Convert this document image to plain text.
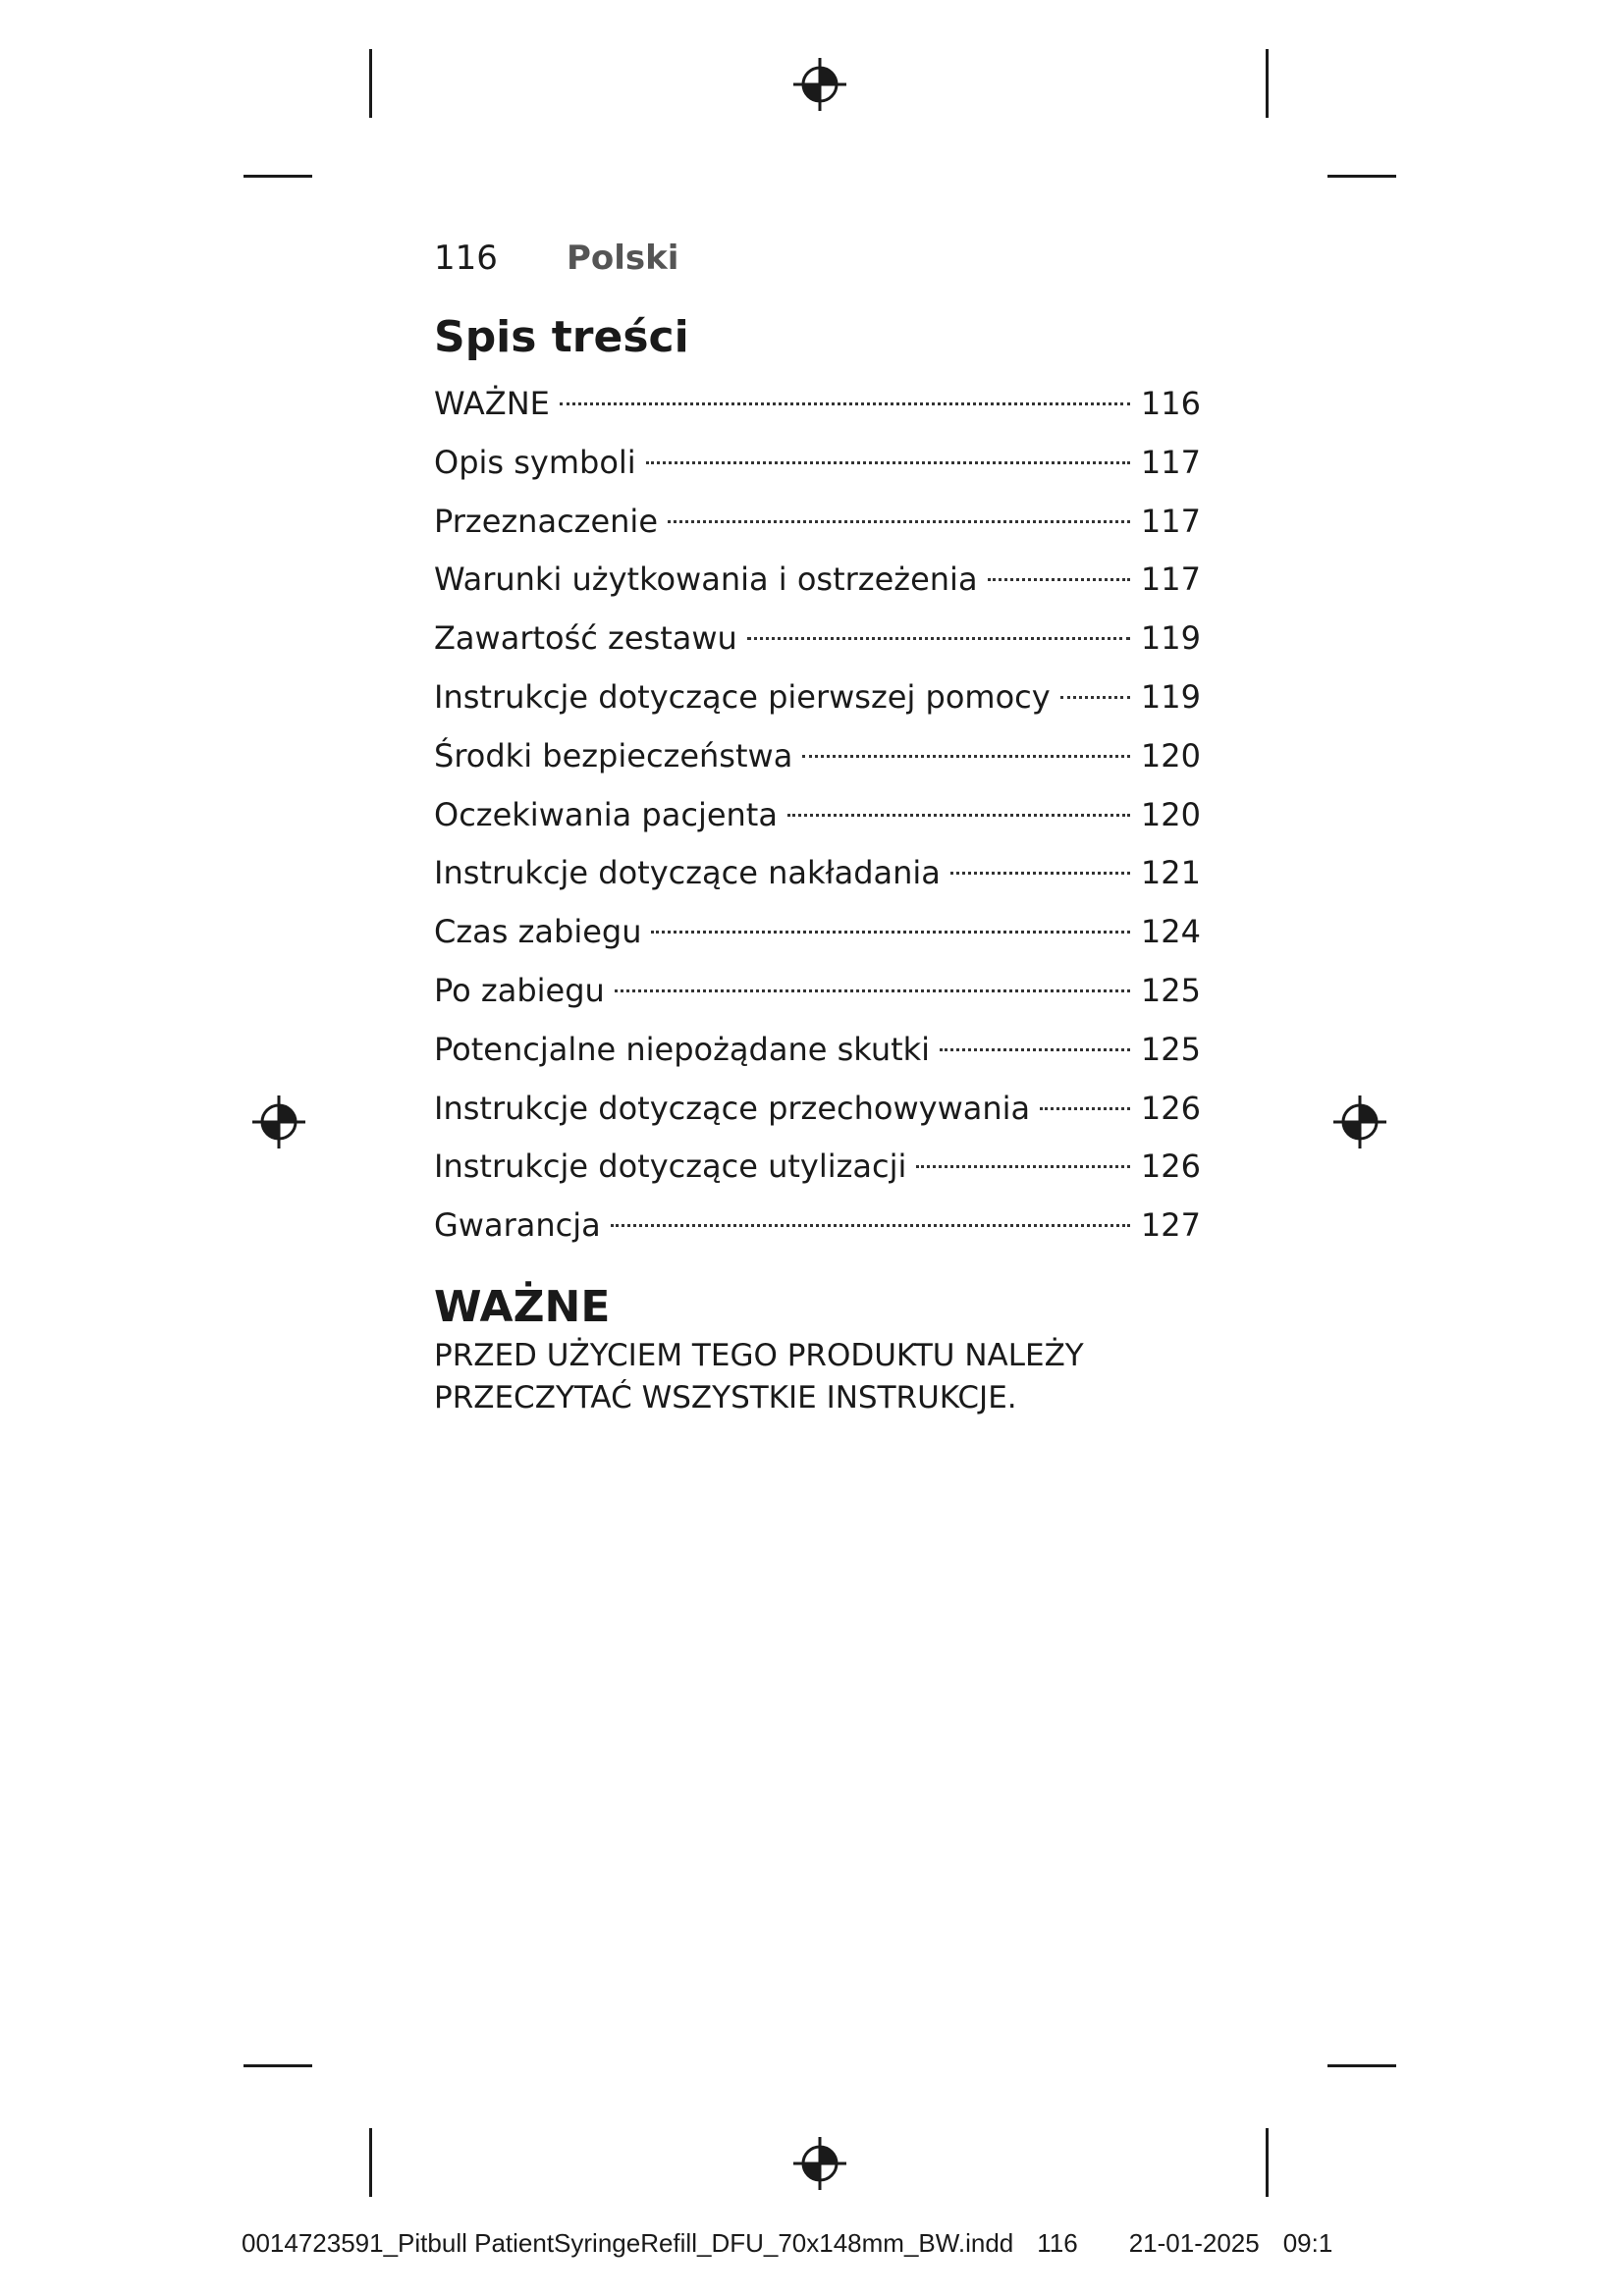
116 Polski
Spis treści
WAŻNE	116
Opis symboli	117
Przeznaczenie	117
Warunki użytkowania i ostrzeżenia	117
Zawartość zestawu	119
Instrukcje dotyczące pierwszej pomocy	119
Środki bezpieczeństwa	120
Oczekiwania pacjenta	120
Instrukcje dotyczące nakładania	121
Czas zabiegu	124
Po zabiegu	125
Potencjalne niepożądane skutki	125
Instrukcje dotyczące przechowywania	126
Instrukcje dotyczące utylizacji	126
Gwarancja	127
WAŻNE

PRZED UŻYCIEM TEGO PRODUKTU NALEŻY
PRZECZYTAĆ WSZYSTKIE INSTRUKCJE.

0014723591_Pitbull PatientSyringeRefill_DFU_70x148mm_BW.indd 116 21-01-2025 09:1
